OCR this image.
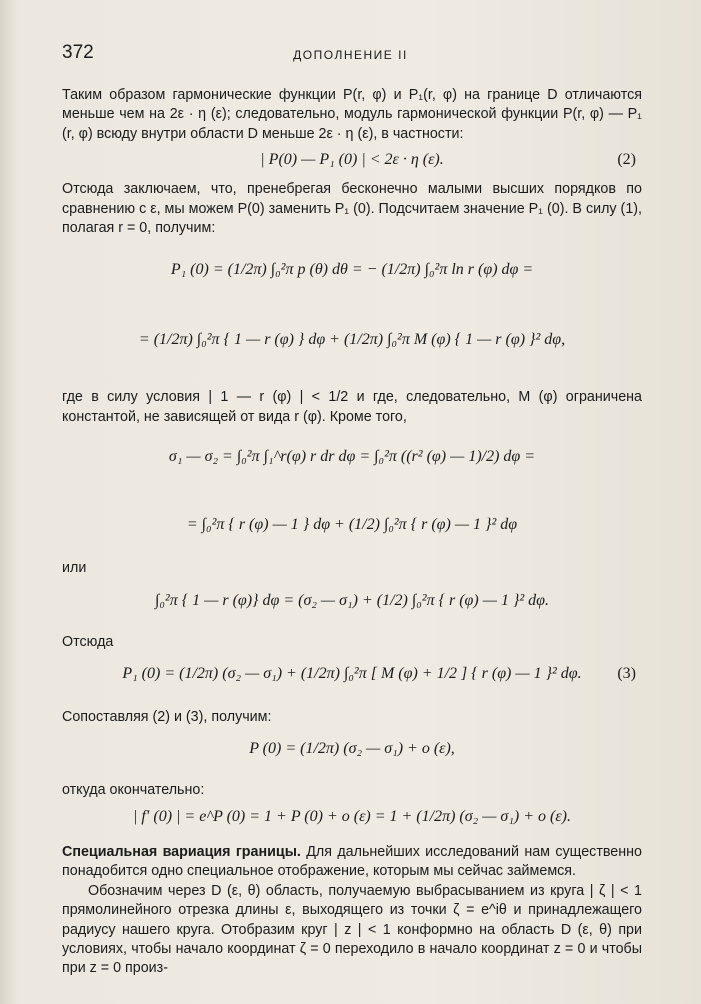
372	ДОПОЛНЕНИЕ II

Таким образом гармонические функции P(r, φ) и P₁(r, φ) на границе D отличаются меньше чем на 2ε · η (ε); следовательно, модуль гармонической функции P(r, φ) — P₁ (r, φ) всюду внутри области D меньше 2ε · η (ε), в частности:

| P(0) — P₁ (0) | < 2ε · η (ε).	(2)

Отсюда заключаем, что, пренебрегая бесконечно малыми высших порядков по сравнению с ε, мы можем P(0) заменить P₁ (0). Подсчитаем значение P₁ (0). В силу (1), полагая r = 0, получим:

P₁ (0) = (1/2π) ∫₀²π p (θ) dθ = − (1/2π) ∫₀²π ln r (φ) dφ =
= (1/2π) ∫₀²π { 1 — r (φ) } dφ + (1/2π) ∫₀²π M (φ) { 1 — r (φ) }² dφ,

где в силу условия | 1 — r (φ) | < 1/2 и где, следовательно, M (φ) ограничена константой, не зависящей от вида r (φ). Кроме того,

σ₁ — σ₂ = ∫₀²π ∫₁^r(φ) r dr dφ = ∫₀²π ((r² (φ) — 1)/2) dφ =
= ∫₀²π { r (φ) — 1 } dφ + (1/2) ∫₀²π { r (φ) — 1 }² dφ

или

∫₀²π { 1 — r (φ)} dφ = (σ₂ — σ₁) + (1/2) ∫₀²π { r (φ) — 1 }² dφ.

Отсюда

P₁ (0) = (1/2π) (σ₂ — σ₁) + (1/2π) ∫₀²π [ M (φ) + 1/2 ] { r (φ) — 1 }² dφ.	(3)

Сопоставляя (2) и (3), получим:

P (0) = (1/2π) (σ₂ — σ₁) + o (ε),

откуда окончательно:

| f′ (0) | = e^P (0) = 1 + P (0) + o (ε) = 1 + (1/2π) (σ₂ — σ₁) + o (ε).

Специальная вариация границы. Для дальнейших исследований нам существенно понадобится одно специальное отображение, которым мы сейчас займемся.

Обозначим через D (ε, θ) область, получаемую выбрасыванием из круга | ζ | < 1 прямолинейного отрезка длины ε, выходящего из точки ζ = e^iθ и принадлежащего радиусу нашего круга. Отобразим круг | z | < 1 конформно на область D (ε, θ) при условиях, чтобы начало координат ζ = 0 переходило в начало координат z = 0 и чтобы при z = 0 произ-
